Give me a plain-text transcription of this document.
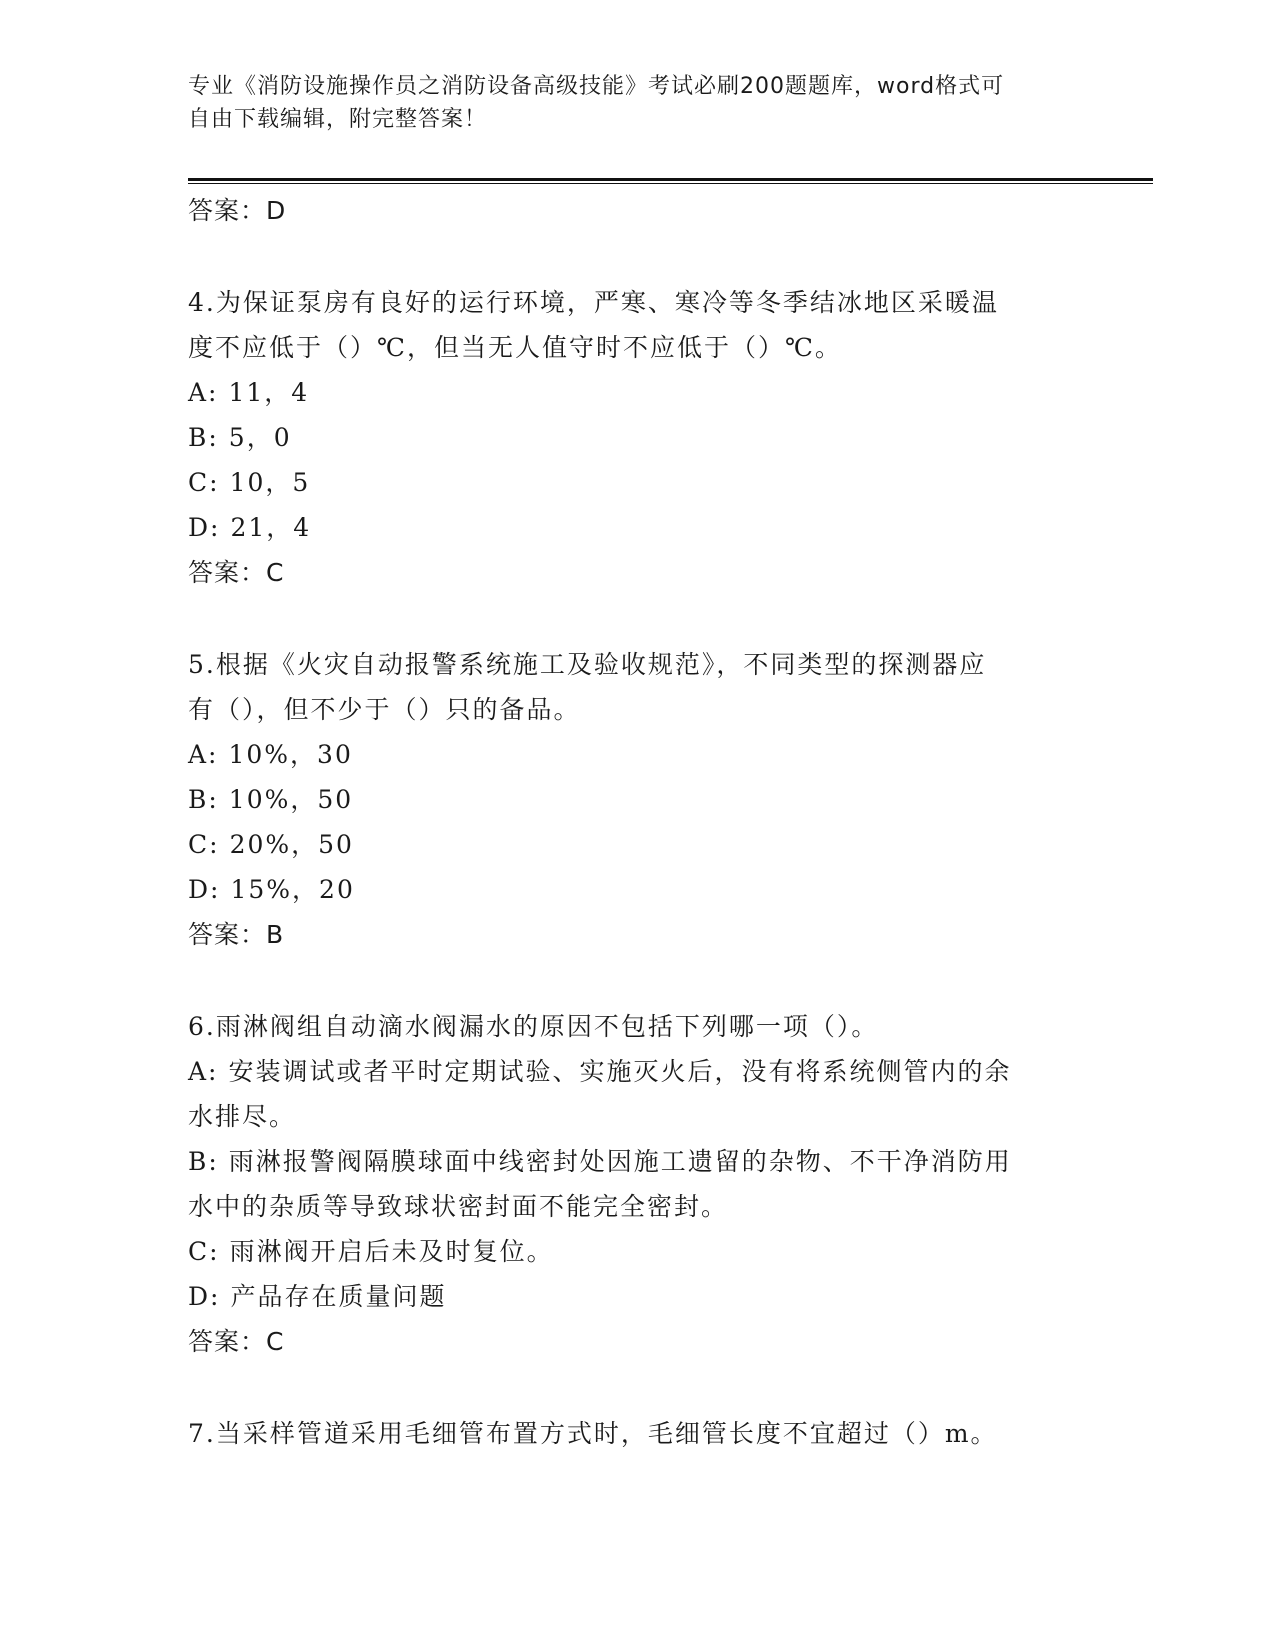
专业《消防设施操作员之消防设备高级技能》考试必刷200题题库，word格式可
自由下载编辑，附完整答案！
答案：D
4.为保证泵房有良好的运行环境，严寒、寒冷等冬季结冰地区采暖温
度不应低于（）℃，但当无人值守时不应低于（）℃。
A: 11，4
B: 5，0
C: 10，5
D: 21，4
答案：C
5.根据《火灾自动报警系统施工及验收规范》，不同类型的探测器应
有（），但不少于（）只的备品。
A: 10%，30
B: 10%，50
C: 20%，50
D: 15%，20
答案：B
6.雨淋阀组自动滴水阀漏水的原因不包括下列哪一项（）。
A: 安装调试或者平时定期试验、实施灭火后，没有将系统侧管内的余
水排尽。
B: 雨淋报警阀隔膜球面中线密封处因施工遗留的杂物、不干净消防用
水中的杂质等导致球状密封面不能完全密封。
C: 雨淋阀开启后未及时复位。
D: 产品存在质量问题
答案：C
7.当采样管道采用毛细管布置方式时，毛细管长度不宜超过（）m。
